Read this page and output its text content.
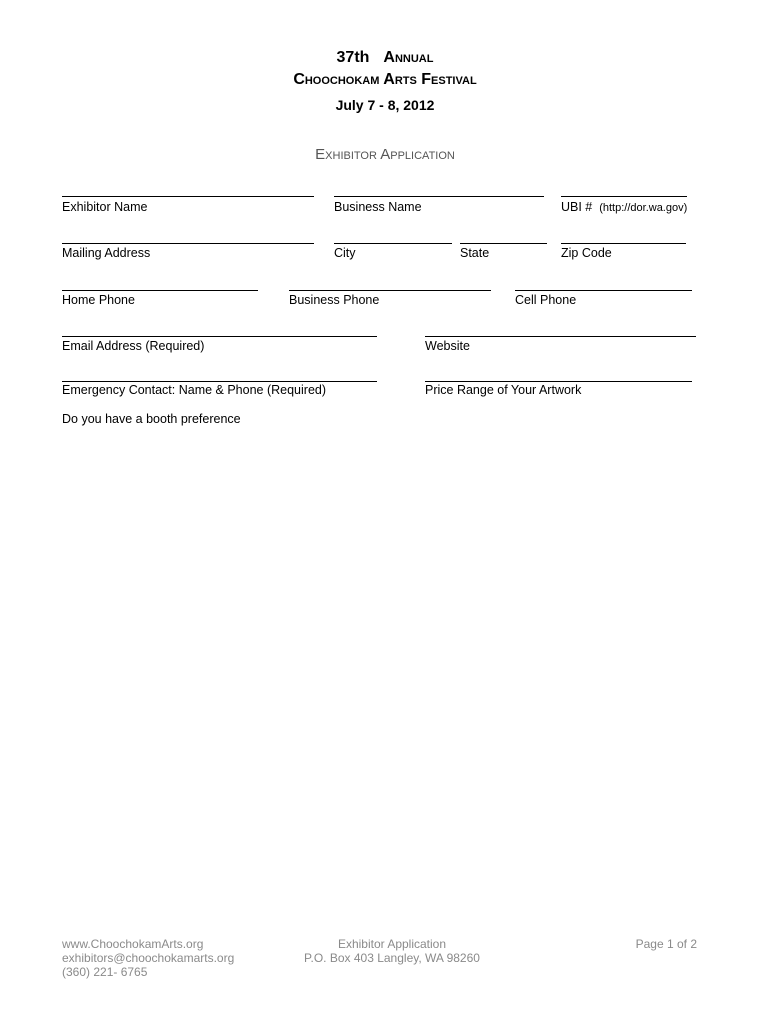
37th Annual
Choochokam Arts Festival
July 7 - 8, 2012
Exhibitor Application
Exhibitor Name	Business Name	UBI # (http://dor.wa.gov)
Mailing Address	City	State	Zip Code
Home Phone	Business Phone	Cell Phone
Email Address (Required)	Website
Emergency Contact: Name & Phone (Required)	Price Range of Your Artwork
Do you have a booth preference
www.ChoochokamArts.org
exhibitors@choochokamarts.org
(360) 221- 6765
Exhibitor Application
P.O. Box 403 Langley, WA 98260
Page 1 of 2
